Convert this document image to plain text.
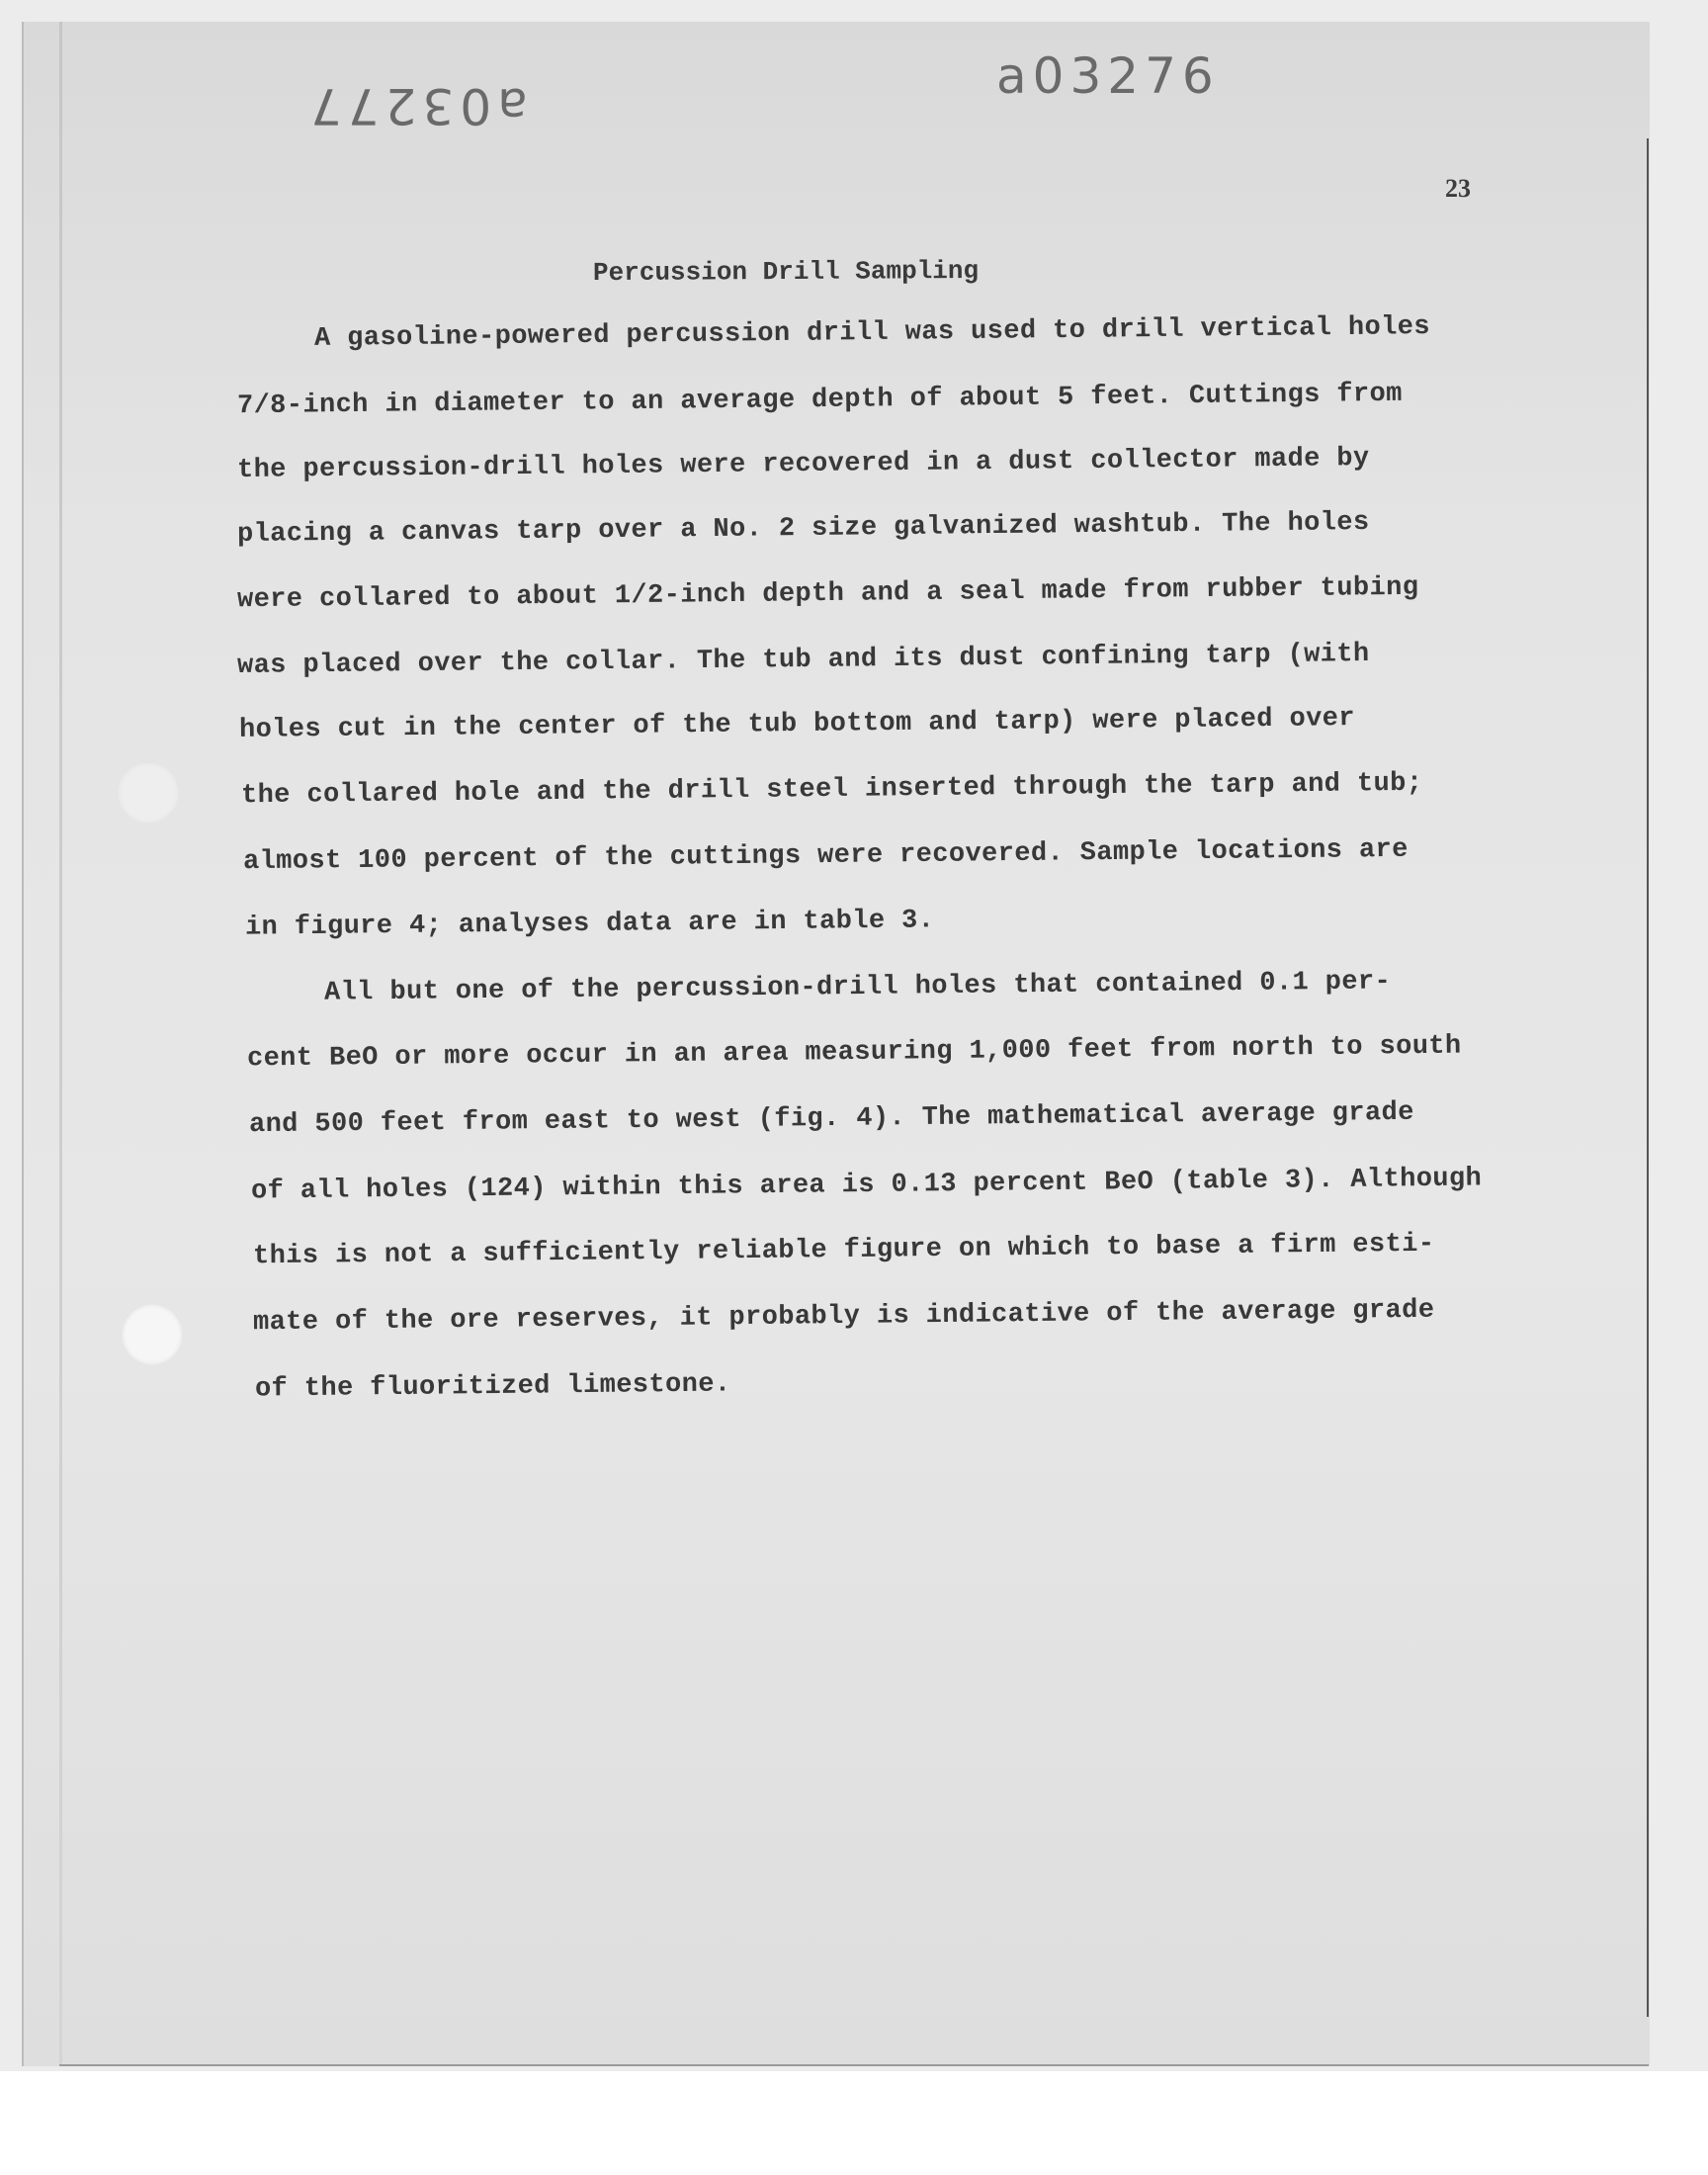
a03277
a03276
23
Percussion Drill Sampling
A gasoline-powered percussion drill was used to drill vertical holes
7/8-inch in diameter to an average depth of about 5 feet. Cuttings from
the percussion-drill holes were recovered in a dust collector made by
placing a canvas tarp over a No. 2 size galvanized washtub. The holes
were collared to about 1/2-inch depth and a seal made from rubber tubing
was placed over the collar. The tub and its dust confining tarp (with
holes cut in the center of the tub bottom and tarp) were placed over
the collared hole and the drill steel inserted through the tarp and tub;
almost 100 percent of the cuttings were recovered. Sample locations are
in figure 4; analyses data are in table 3.
All but one of the percussion-drill holes that contained 0.1 per-
cent BeO or more occur in an area measuring 1,000 feet from north to south
and 500 feet from east to west (fig. 4). The mathematical average grade
of all holes (124) within this area is 0.13 percent BeO (table 3). Although
this is not a sufficiently reliable figure on which to base a firm esti-
mate of the ore reserves, it probably is indicative of the average grade
of the fluoritized limestone.
